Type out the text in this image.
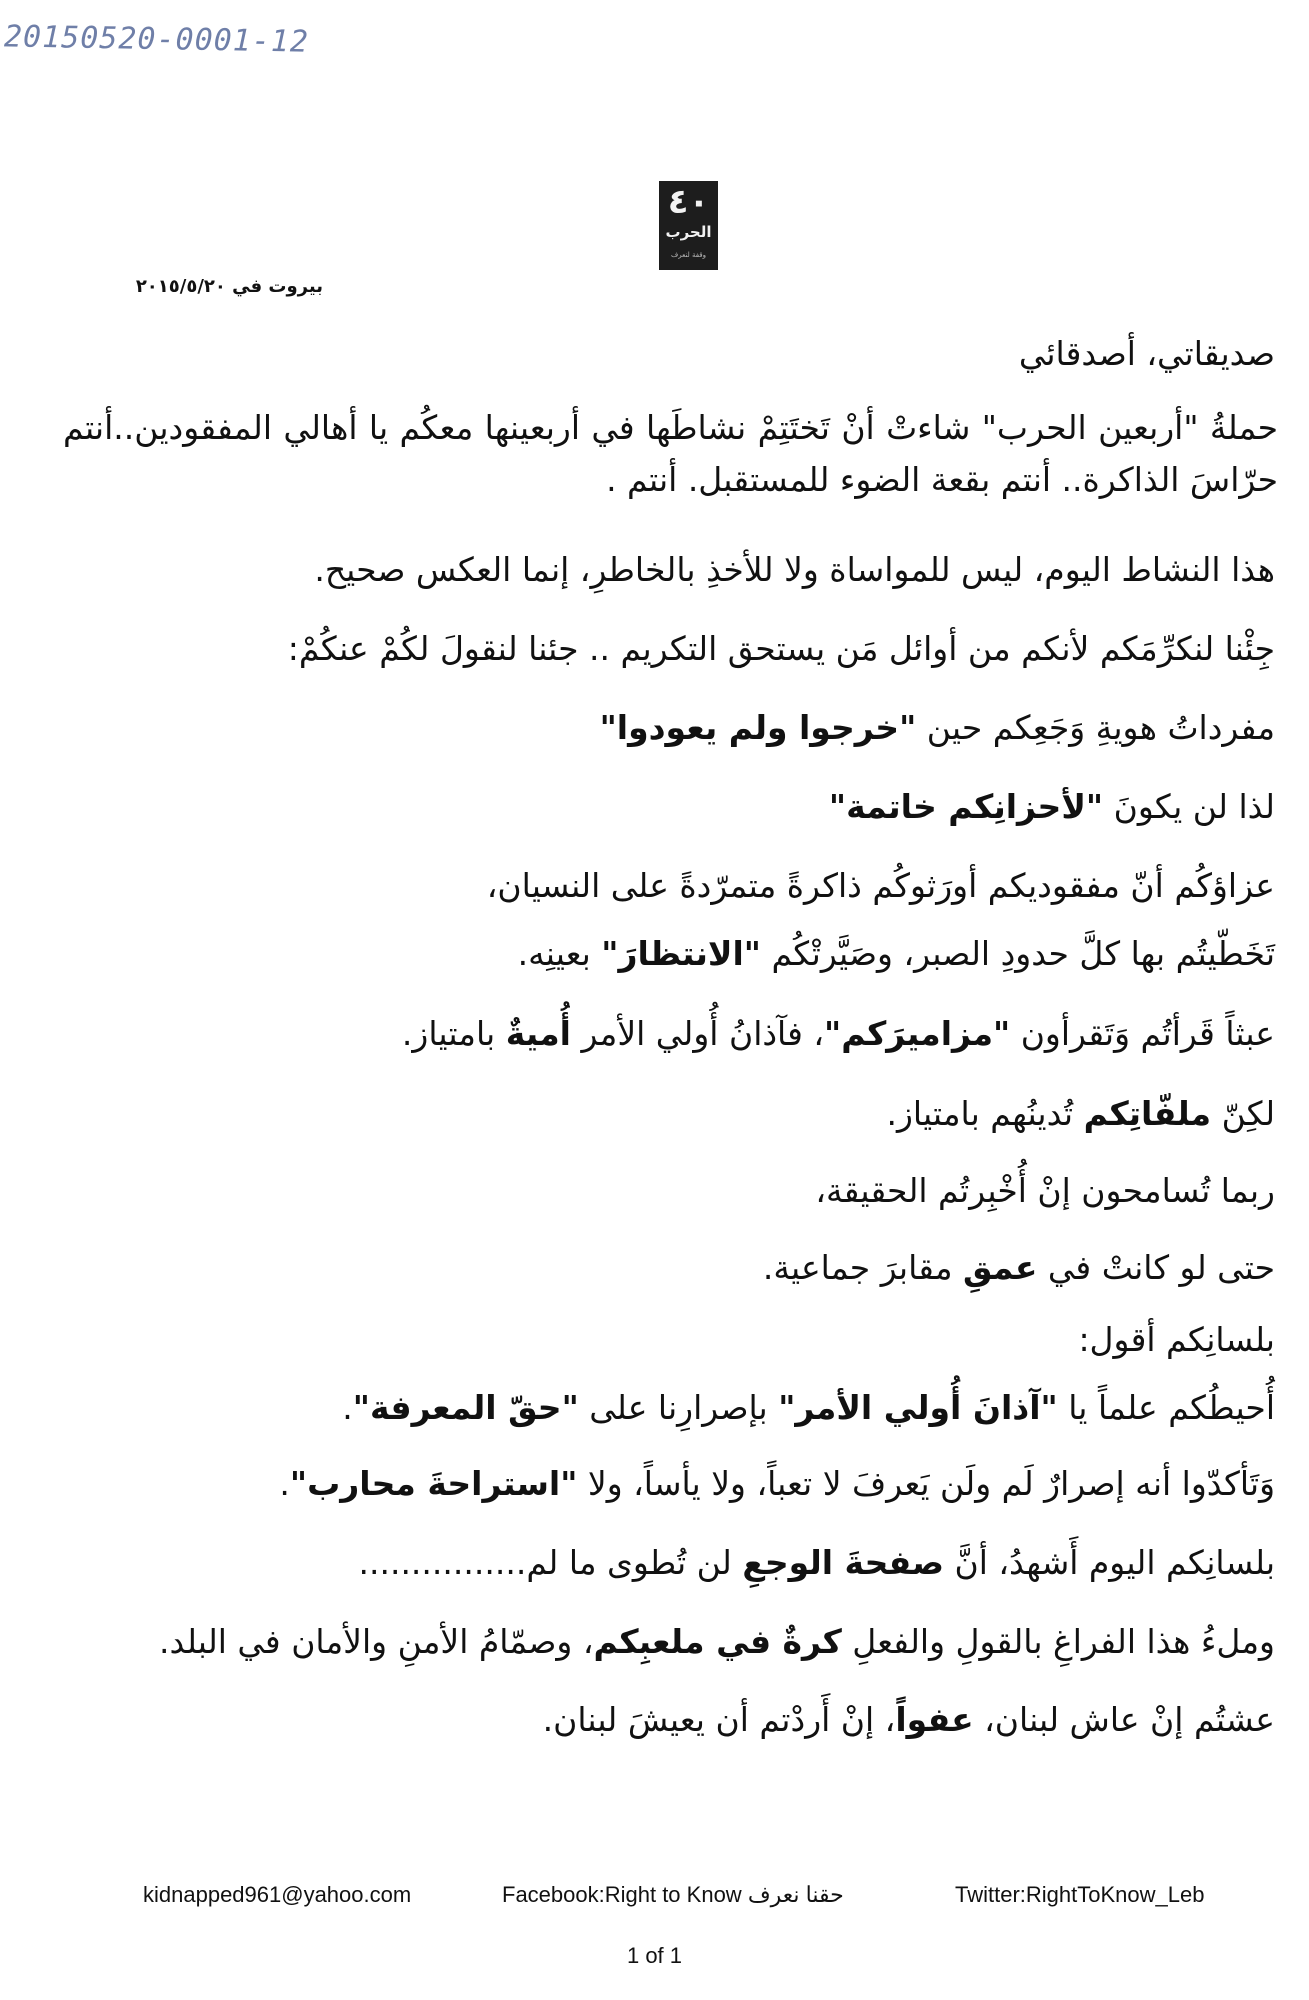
20150520-0001-12
٤٠
الحرب
وقفة لنعرف
بيروت في ٢٠١٥/٥/٢٠
صديقاتي، أصدقائي
حملةُ "أربعين الحرب" شاءتْ أنْ تَختَتِمْ نشاطَها في أربعينها معكُم يا أهالي المفقودين..أنتم حرّاسَ الذاكرة.. أنتم بقعة الضوء للمستقبل. أنتم .
هذا النشاط اليوم، ليس للمواساة ولا للأخذِ بالخاطرِ، إنما العكس صحيح.
جِئْنا لنكرِّمَكم لأنكم من أوائل مَن يستحق التكريم .. جئنا لنقولَ لكُمْ عنكُمْ:
مفرداتُ هويةِ وَجَعِكم حين "خرجوا ولم يعودوا"
لذا لن يكونَ "لأحزانِكم خاتمة"
عزاؤكُم أنّ مفقوديكم أورَثوكُم ذاكرةً متمرّدةً على النسيان،
تَخَطّيتُم بها كلَّ حدودِ الصبر، وصَيَّرتْكُم "الانتظارَ" بعينِه.
عبثاً قَرأتُم وَتَقرأون "مزاميرَكم"، فآذانُ أُولي الأمر أُميةٌ بامتياز.
لكِنّ ملفّاتِكم تُدينُهم بامتياز.
ربما تُسامحون إنْ أُخْبِرتُم الحقيقة،
حتى لو كانتْ في عمقِ مقابرَ جماعية.
بلسانِكم أقول:
أُحيطُكم علماً يا "آذانَ أُولي الأمر" بإصرارِنا على "حقّ المعرفة".
وَتَأكدّوا أنه إصرارٌ لَم ولَن يَعرفَ لا تعباً، ولا يأساً، ولا "استراحةَ محارب".
بلسانِكم اليوم أَشهدُ، أنَّ صفحةَ الوجعِ لن تُطوى ما لم................
وملءُ هذا الفراغِ بالقولِ والفعلِ كرةٌ في ملعبِكم، وصمّامُ الأمنِ والأمان في البلد.
عشتُم إنْ عاش لبنان، عفواً، إنْ أَردْتم أن يعيشَ لبنان.
kidnapped961@yahoo.com	Facebook:Right to Know حقنا نعرف	Twitter:RightToKnow_Leb
1 of 1
